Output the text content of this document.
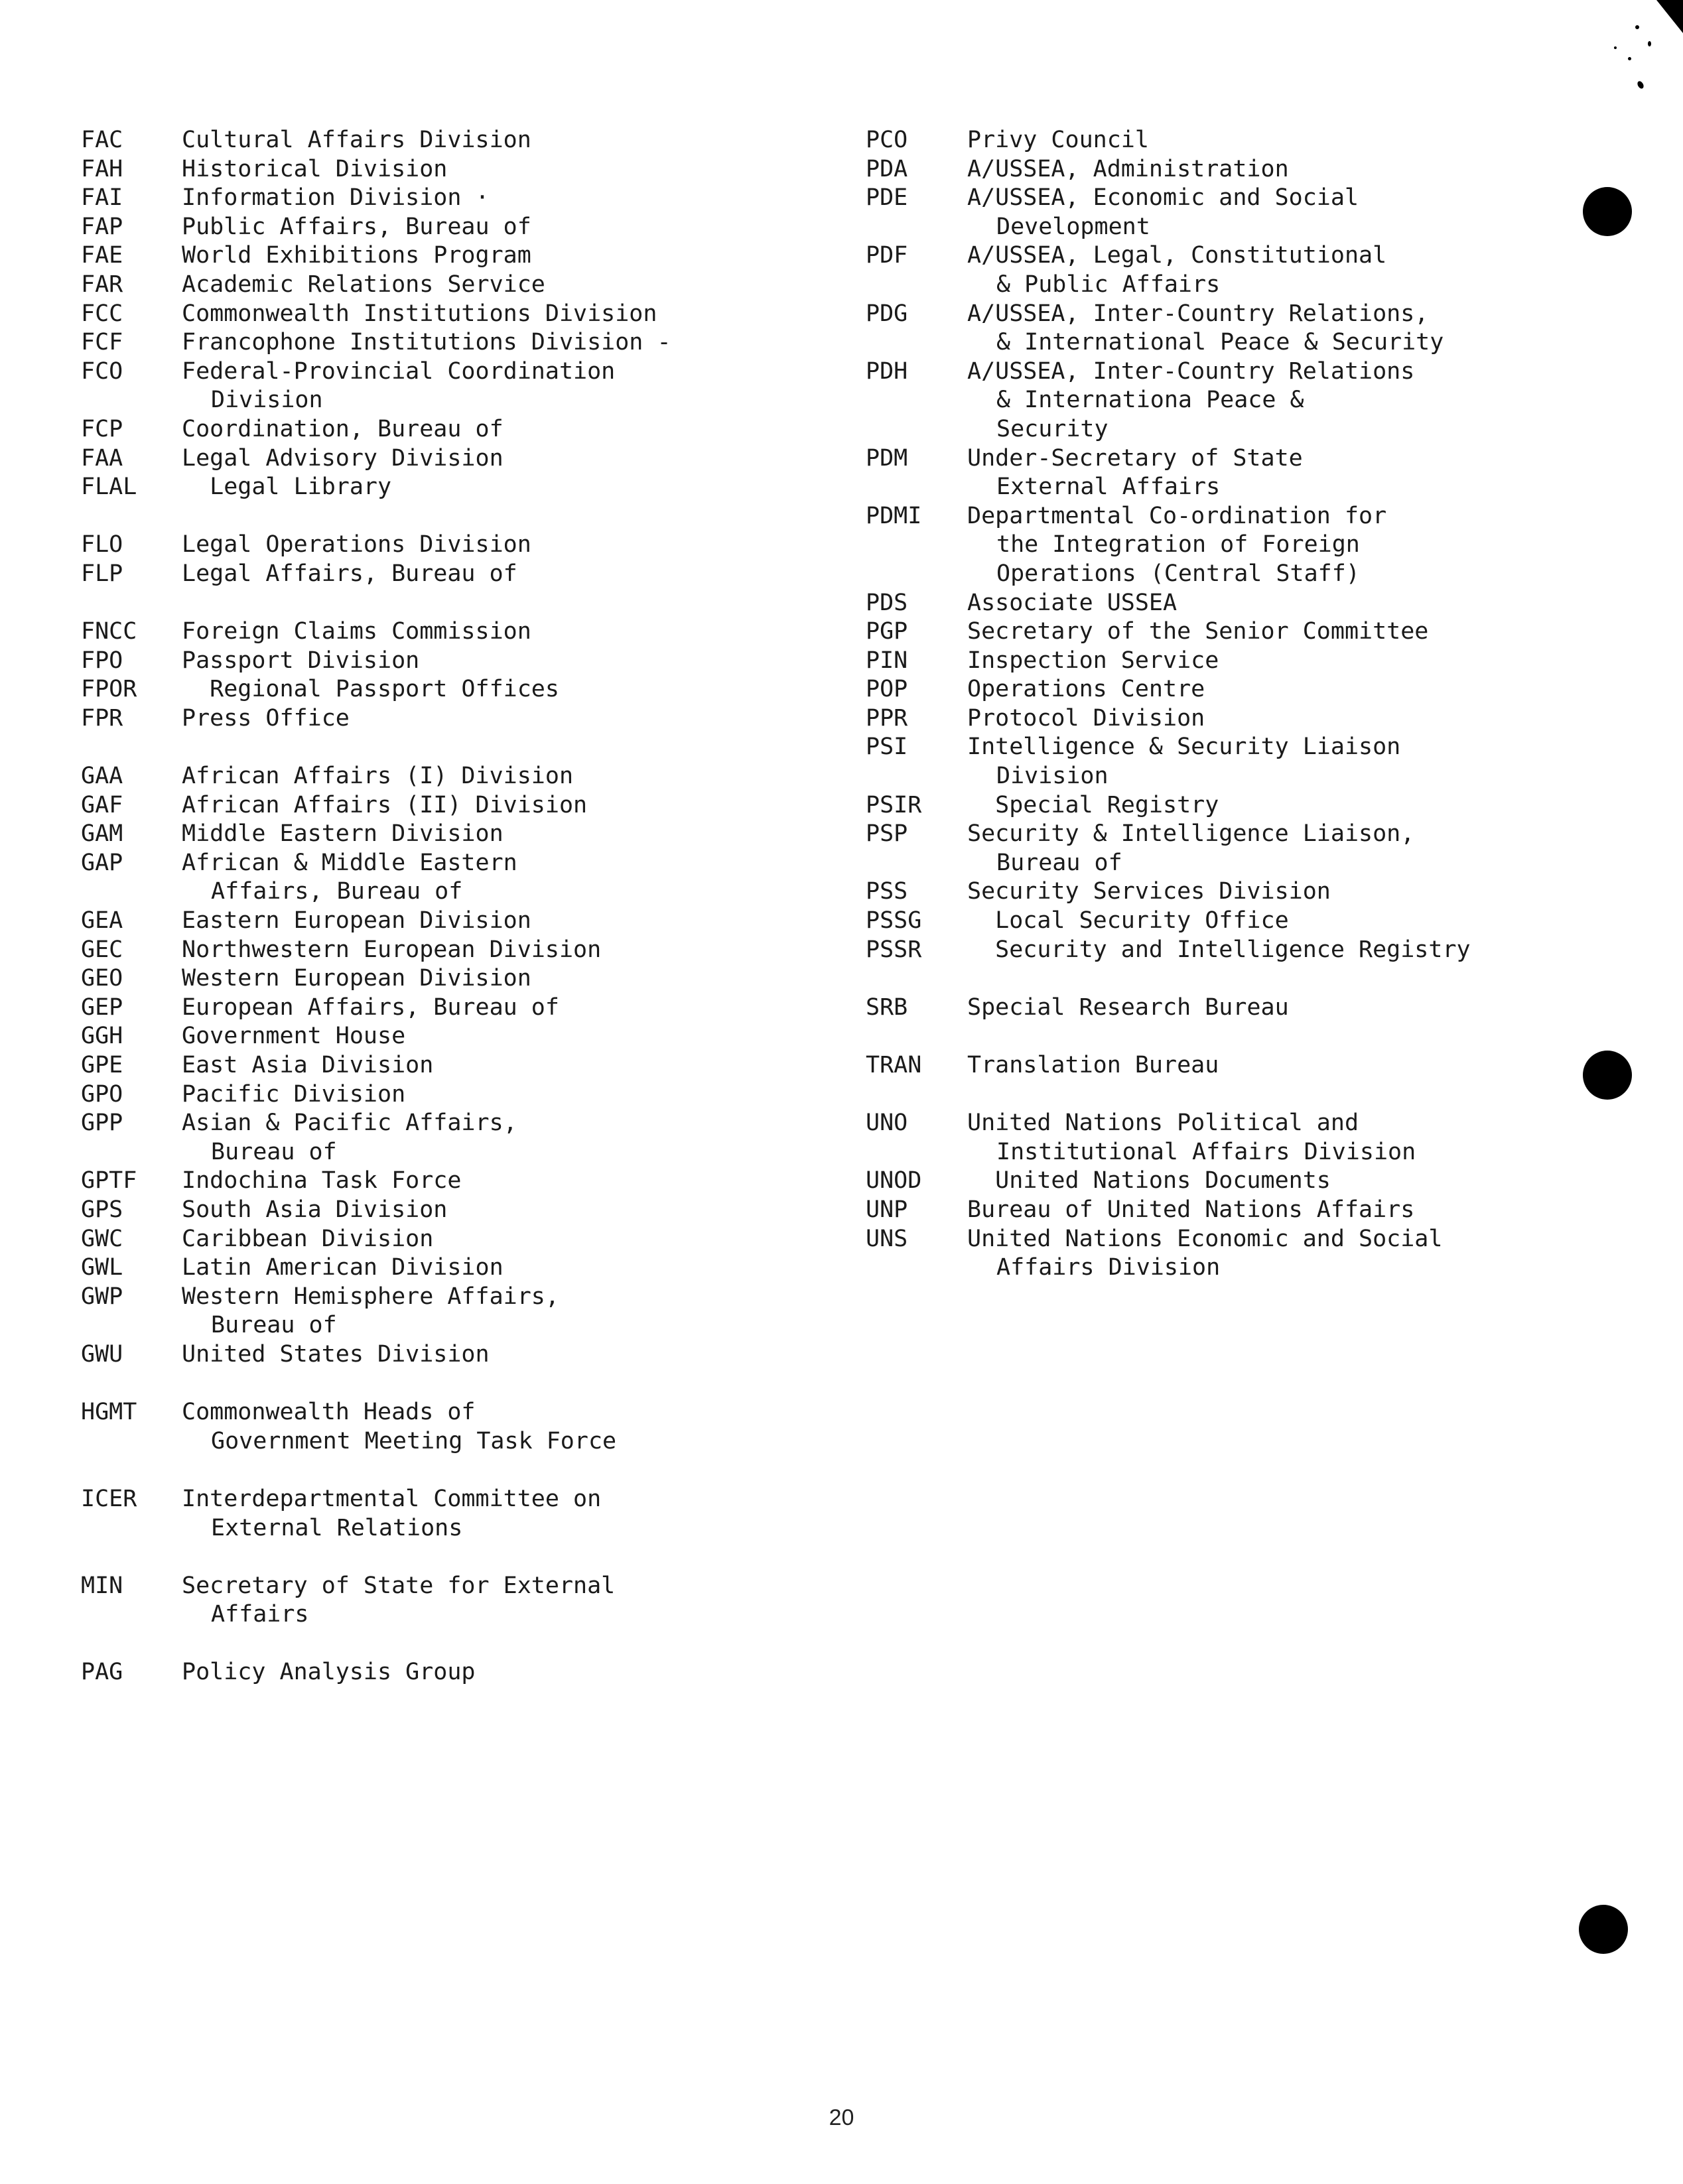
FAC	Cultural Affairs Division
FAH	Historical Division
FAI	Information Division ·
FAP	Public Affairs, Bureau of
FAE	World Exhibitions Program
FAR	Academic Relations Service
FCC	Commonwealth Institutions Division
FCF	Francophone Institutions Division -
FCO	Federal-Provincial Coordination
Division
FCP	Coordination, Bureau of
FAA	Legal Advisory Division
FLAL	Legal Library
FLO	Legal Operations Division
FLP	Legal Affairs, Bureau of
FNCC	Foreign Claims Commission
FPO	Passport Division
FPOR	Regional Passport Offices
FPR	Press Office
GAA	African Affairs (I) Division
GAF	African Affairs (II) Division
GAM	Middle Eastern Division
GAP	African & Middle Eastern
Affairs, Bureau of
GEA	Eastern European Division
GEC	Northwestern European Division
GEO	Western European Division
GEP	European Affairs, Bureau of
GGH	Government House
GPE	East Asia Division
GPO	Pacific Division
GPP	Asian & Pacific Affairs,
Bureau of
GPTF	Indochina Task Force
GPS	South Asia Division
GWC	Caribbean Division
GWL	Latin American Division
GWP	Western Hemisphere Affairs,
Bureau of
GWU	United States Division
HGMT	Commonwealth Heads of
Government Meeting Task Force
ICER	Interdepartmental Committee on
External Relations
MIN	Secretary of State for External
Affairs
PAG	Policy Analysis Group
PCO	Privy Council
PDA	A/USSEA, Administration
PDE	A/USSEA, Economic and Social
Development
PDF	A/USSEA, Legal, Constitutional
& Public Affairs
PDG	A/USSEA, Inter-Country Relations,
& International Peace & Security
PDH	A/USSEA, Inter-Country Relations
& Internationa Peace &
Security
PDM	Under-Secretary of State
External Affairs
PDMI	Departmental Co-ordination for
the Integration of Foreign
Operations (Central Staff)
PDS	Associate USSEA
PGP	Secretary of the Senior Committee
PIN	Inspection Service
POP	Operations Centre
PPR	Protocol Division
PSI	Intelligence & Security Liaison
Division
PSIR	Special Registry
PSP	Security & Intelligence Liaison,
Bureau of
PSS	Security Services Division
PSSG	Local Security Office
PSSR	Security and Intelligence Registry
SRB	Special Research Bureau
TRAN	Translation Bureau
UNO	United Nations Political and
Institutional Affairs Division
UNOD	United Nations Documents
UNP	Bureau of United Nations Affairs
UNS	United Nations Economic and Social
Affairs Division
20
